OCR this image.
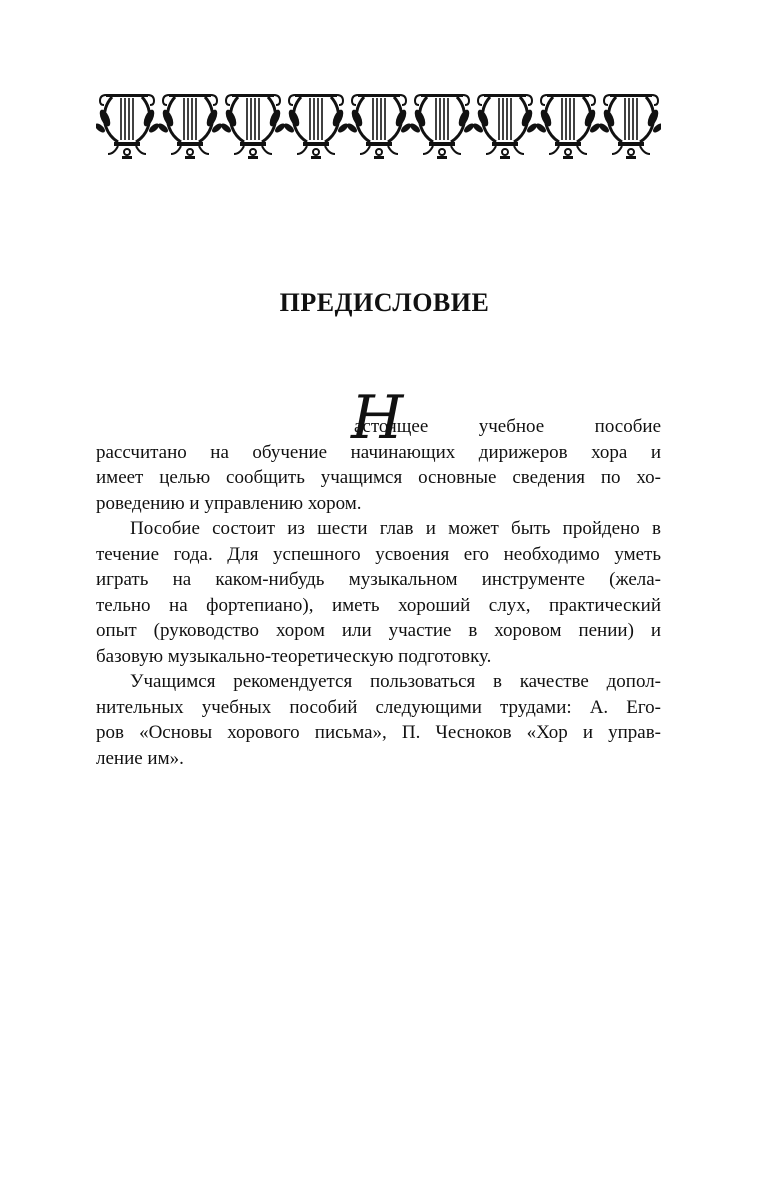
ПРЕДИСЛОВИЕ
Н
астоящее учебное пособие
рассчитано на обучение начинающих дирижеров хора и
имеет целью сообщить учащимся основные сведения по хо-
роведению и управлению хором.
Пособие состоит из шести глав и может быть пройдено в
течение года. Для успешного усвоения его необходимо уметь
играть на каком-нибудь музыкальном инструменте (жела-
тельно на фортепиано), иметь хороший слух, практический
опыт (руководство хором или участие в хоровом пении) и
базовую музыкально-теоретическую подготовку.
Учащимся рекомендуется пользоваться в качестве допол-
нительных учебных пособий следующими трудами: А. Его-
ров «Основы хорового письма», П. Чесноков «Хор и управ-
ление им».
